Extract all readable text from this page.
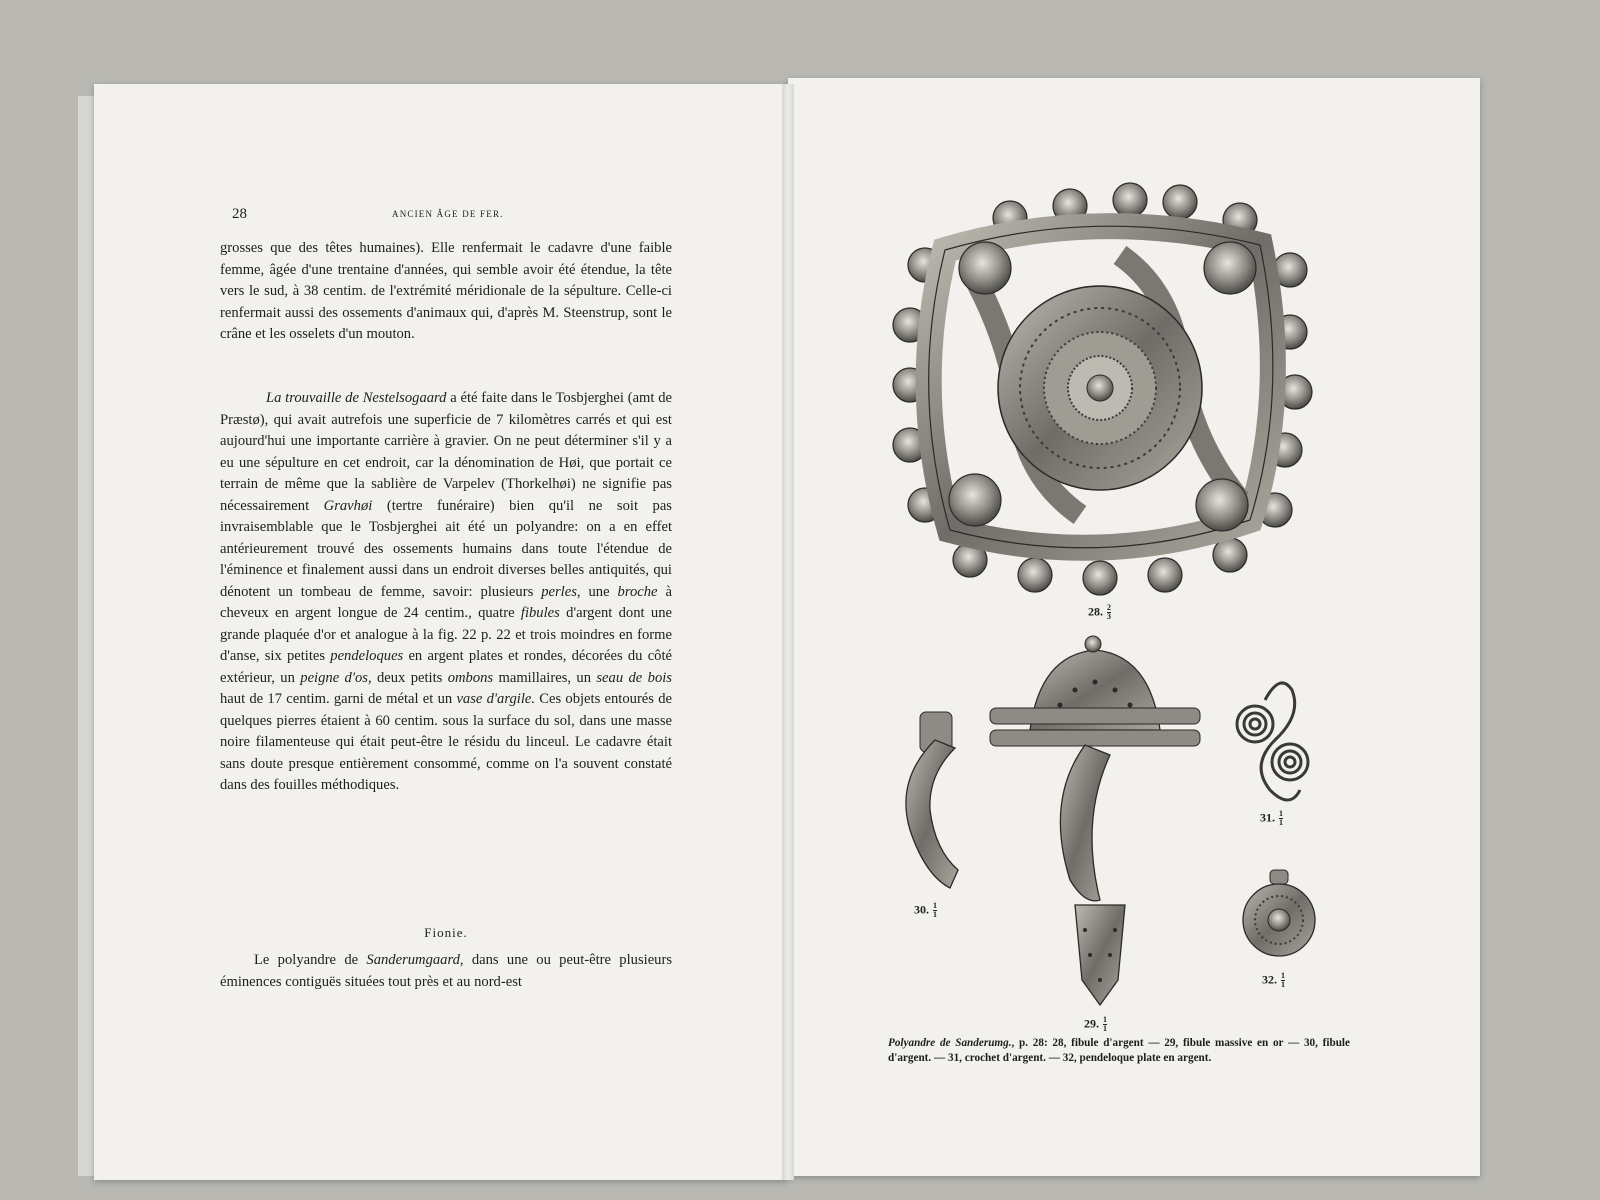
28	ANCIEN ÂGE DE FER.

grosses que des têtes humaines). Elle renfermait le cadavre d'une faible femme, âgée d'une trentaine d'années, qui semble avoir été étendue, la tête vers le sud, à 38 centim. de l'extrémité méridionale de la sépulture. Celle-ci renfermait aussi des ossements d'animaux qui, d'après M. Steenstrup, sont le crâne et les osselets d'un mouton.

La trouvaille de Nestelsogaard a été faite dans le Tosbjerghei (amt de Præstø), qui avait autrefois une superficie de 7 kilomètres carrés et qui est aujourd'hui une importante carrière à gravier. On ne peut déterminer s'il y a eu une sépulture en cet endroit, car la dénomination de Høi, que portait ce terrain de même que la sablière de Varpelev (Thorkelhøi) ne signifie pas nécessairement Gravhøi (tertre funéraire) bien qu'il ne soit pas invraisemblable que le Tosbjerghei ait été un polyandre: on a en effet antérieurement trouvé des ossements humains dans toute l'étendue de l'éminence et finalement aussi dans un endroit diverses belles antiquités, qui dénotent un tombeau de femme, savoir: plusieurs perles, une broche à cheveux en argent longue de 24 centim., quatre fibules d'argent dont une grande plaquée d'or et analogue à la fig. 22 p. 22 et trois moindres en forme d'anse, six petites pendeloques en argent plates et rondes, décorées du côté extérieur, un peigne d'os, deux petits ombons mamillaires, un seau de bois haut de 17 centim. garni de métal et un vase d'argile. Ces objets entourés de quelques pierres étaient à 60 centim. sous la surface du sol, dans une masse noire filamenteuse qui était peut-être le résidu du linceul. Le cadavre était sans doute presque entièrement consommé, comme on l'a souvent constaté dans des fouilles méthodiques.

Fionie.

Le polyandre de Sanderumgaard, dans une ou peut-être plusieurs éminences contiguës situées tout près et au nord-est

28. $\frac{2}{3}$
29. $\frac{1}{1}$
30. $\frac{1}{1}$
31. $\frac{1}{1}$
32. $\frac{1}{1}$
Polyandre de Sanderumg., p. 28: 28, fibule d'argent — 29, fibule massive en or — 30, fibule d'argent. — 31, crochet d'argent. — 32, pendeloque plate en argent.
